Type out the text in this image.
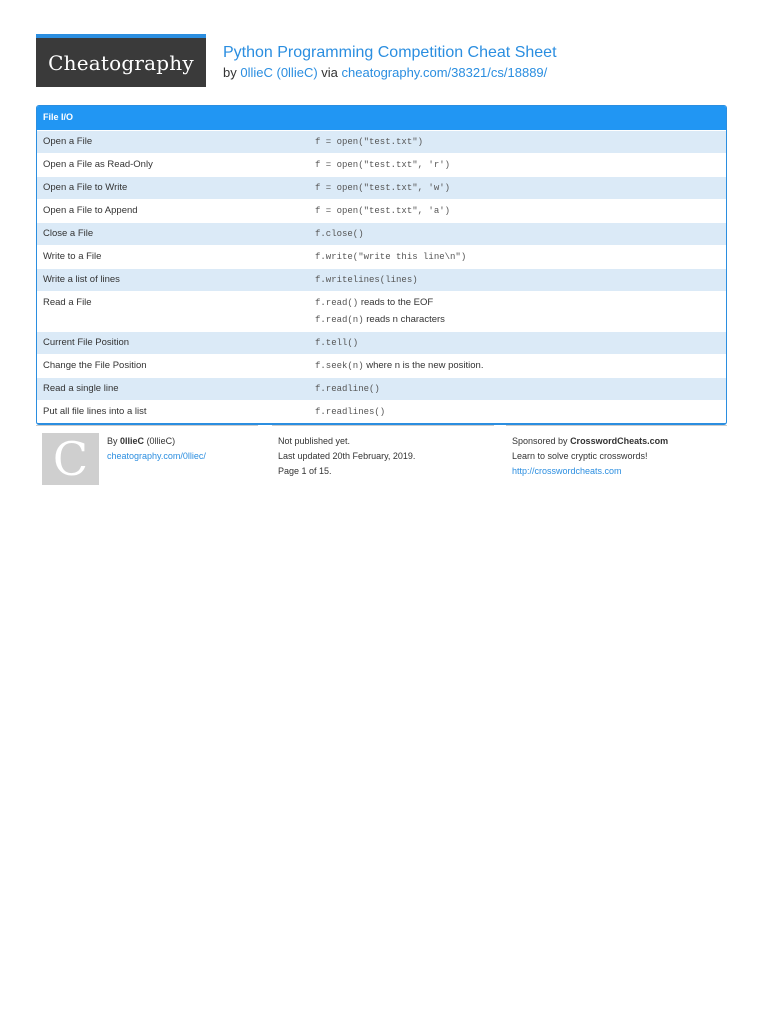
Cheatography Python Programming Competition Cheat Sheet
by 0llieC (0llieC) via cheatography.com/38321/cs/18889/
File I/O
Open a File	f = open("test.txt")
Open a File as Read-Only	f = open("test.txt", 'r')
Open a File to Write	f = open("test.txt", 'w')
Open a File to Append	f = open("test.txt", 'a')
Close a File	f.close()
Write to a File	f.write("write this line\n")
Write a list of lines	f.writelines(lines)
Read a File	f.read() reads to the EOF
f.read(n) reads n characters
Current File Position	f.tell()
Change the File Position	f.seek(n) where n is the new position.
Read a single line	f.readline()
Put all file lines into a list	f.readlines()
C By 0llieC (0llieC)
cheatography.com/0lliec/
Not published yet.
Last updated 20th February, 2019.
Page 1 of 15.
Sponsored by CrosswordCheats.com
Learn to solve cryptic crosswords!
http://crosswordcheats.com
